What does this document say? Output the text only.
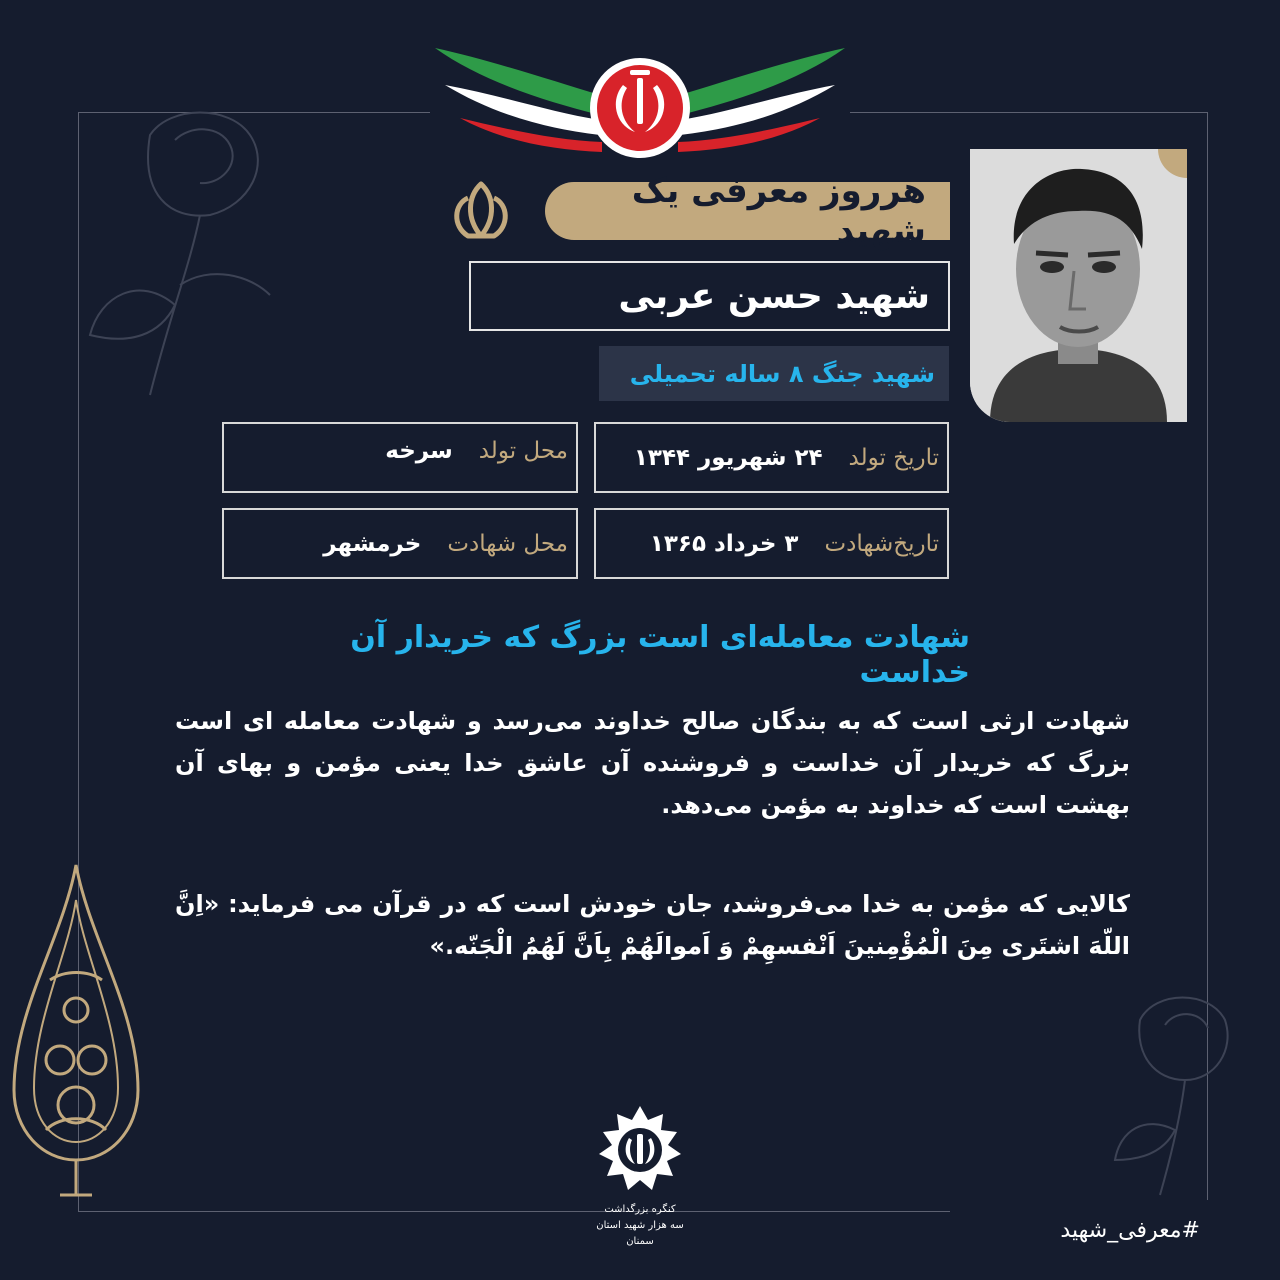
هرروز معرفی یک شهید
شهید حسن عربی
شهید جنگ ۸ ساله تحمیلی
۲۴ شهریور ۱۳۴۴ تاریخ تولد
سرخه محل تولد
۳ خرداد ۱۳۶۵ تاریخ‌شهادت
خرمشهر محل شهادت
شهادت معامله‌ای است بزرگ که خریدار آن خداست
شهادت ارثی است که به بندگان صالح خداوند می‌رسد و شهادت معامله ای است بزرگ که خریدار آن خداست و فروشنده آن عاشق خدا یعنی مؤمن و بهای آن بهشت است که خداوند به مؤمن می‌دهد.
کالایی که مؤمن به خدا می‌فروشد، جان خودش است که در قرآن می فرماید: «اِنَّ اللّهَ اشتَری مِنَ الْمُؤْمِنینَ اَنْفسهِمْ وَ اَموالَهُمْ بِاَنَّ لَهُمُ الْجَنّه.»
کنگره بزرگداشت
سه هزار شهید استان سمنان	#معرفی_شهید
